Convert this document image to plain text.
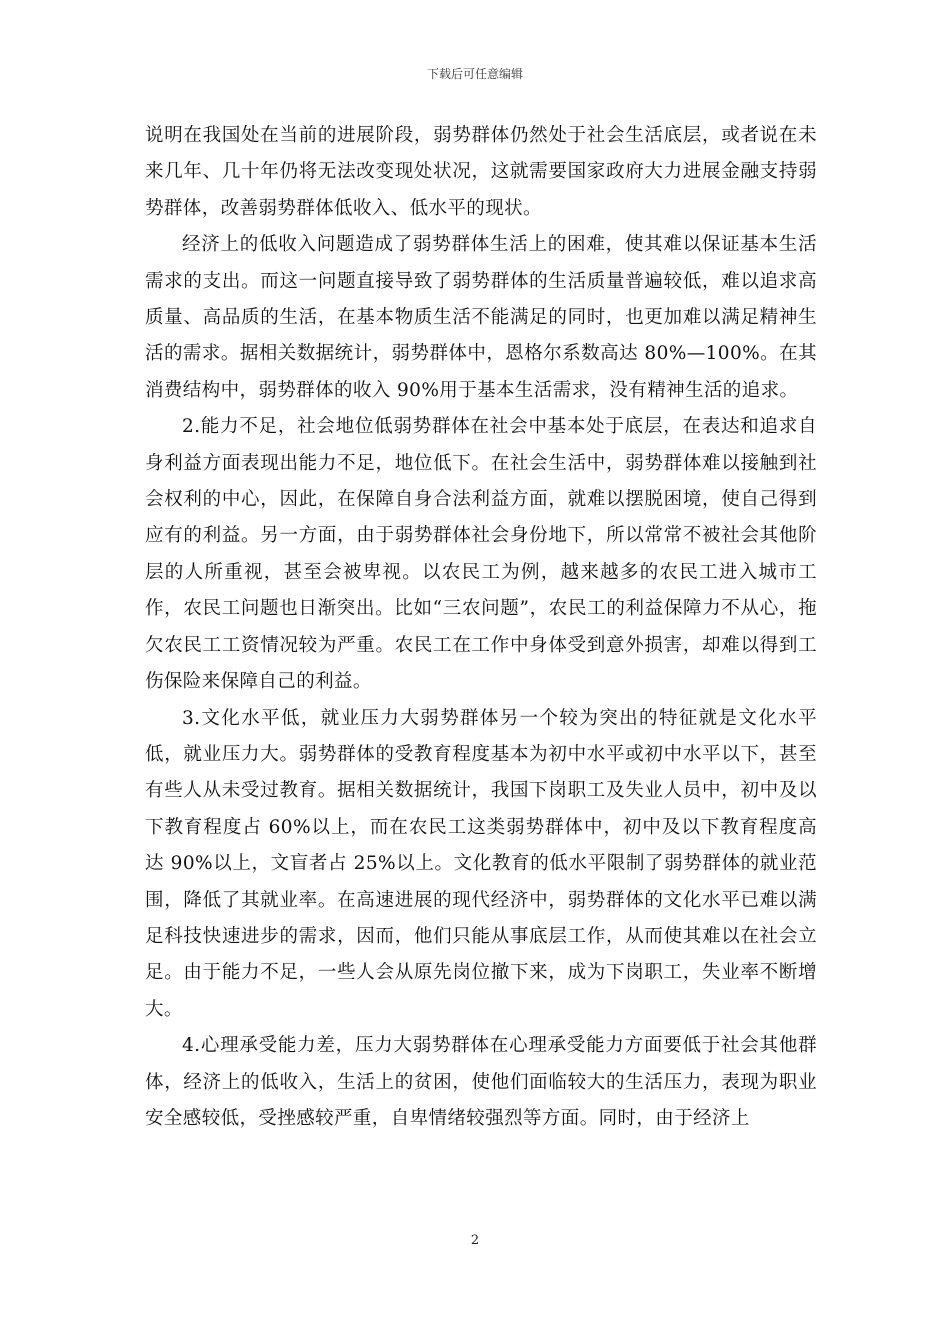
下载后可任意编辑

说明在我国处在当前的进展阶段，弱势群体仍然处于社会生活底层，或者说在未来几年、几十年仍将无法改变现处状况，这就需要国家政府大力进展金融支持弱势群体，改善弱势群体低收入、低水平的现状。

经济上的低收入问题造成了弱势群体生活上的困难，使其难以保证基本生活需求的支出。而这一问题直接导致了弱势群体的生活质量普遍较低，难以追求高质量、高品质的生活，在基本物质生活不能满足的同时，也更加难以满足精神生活的需求。据相关数据统计，弱势群体中，恩格尔系数高达 80%—100%。在其消费结构中，弱势群体的收入 90%用于基本生活需求，没有精神生活的追求。

2.能力不足，社会地位低弱势群体在社会中基本处于底层，在表达和追求自身利益方面表现出能力不足，地位低下。在社会生活中，弱势群体难以接触到社会权利的中心，因此，在保障自身合法利益方面，就难以摆脱困境，使自己得到应有的利益。另一方面，由于弱势群体社会身份地下，所以常常不被社会其他阶层的人所重视，甚至会被卑视。以农民工为例，越来越多的农民工进入城市工作，农民工问题也日渐突出。比如“三农问题”，农民工的利益保障力不从心，拖欠农民工工资情况较为严重。农民工在工作中身体受到意外损害，却难以得到工伤保险来保障自己的利益。

3.文化水平低，就业压力大弱势群体另一个较为突出的特征就是文化水平低，就业压力大。弱势群体的受教育程度基本为初中水平或初中水平以下，甚至有些人从未受过教育。据相关数据统计，我国下岗职工及失业人员中，初中及以下教育程度占 60%以上，而在农民工这类弱势群体中，初中及以下教育程度高达 90%以上，文盲者占 25%以上。文化教育的低水平限制了弱势群体的就业范围，降低了其就业率。在高速进展的现代经济中，弱势群体的文化水平已难以满足科技快速进步的需求，因而，他们只能从事底层工作，从而使其难以在社会立足。由于能力不足，一些人会从原先岗位撤下来，成为下岗职工，失业率不断增大。

4.心理承受能力差，压力大弱势群体在心理承受能力方面要低于社会其他群体，经济上的低收入，生活上的贫困，使他们面临较大的生活压力，表现为职业安全感较低，受挫感较严重，自卑情绪较强烈等方面。同时，由于经济上

2
